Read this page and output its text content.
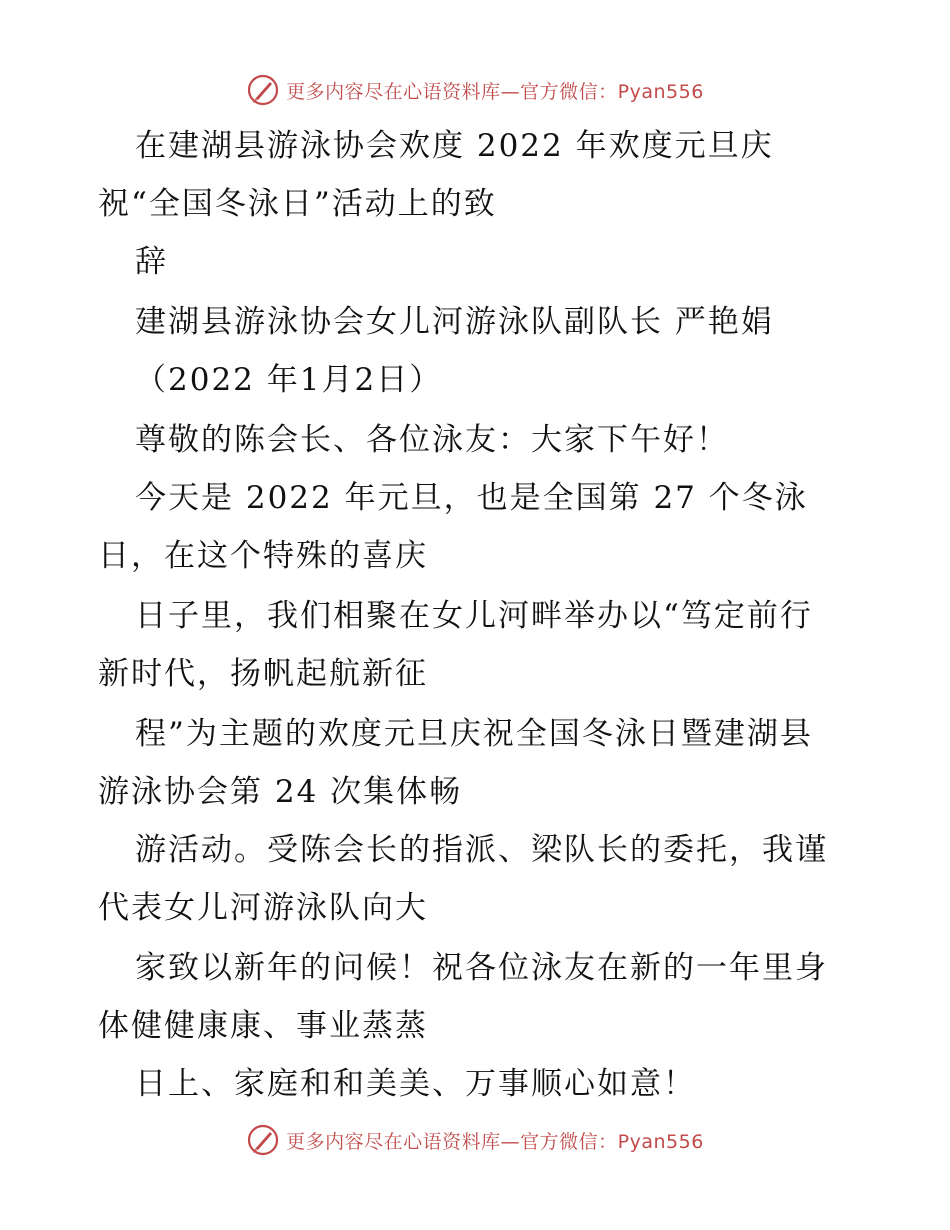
更多内容尽在心语资料库—官方微信：Pyan556
在建湖县游泳协会欢度 2022 年欢度元旦庆
祝“全国冬泳日”活动上的致
辞
建湖县游泳协会女儿河游泳队副队长 严艳娟
（2022 年1月2日）
尊敬的陈会长、各位泳友：大家下午好！
今天是 2022 年元旦，也是全国第 27 个冬泳
日，在这个特殊的喜庆
日子里，我们相聚在女儿河畔举办以“笃定前行
新时代，扬帆起航新征
程”为主题的欢度元旦庆祝全国冬泳日暨建湖县
游泳协会第 24 次集体畅
游活动。受陈会长的指派、梁队长的委托，我谨
代表女儿河游泳队向大
家致以新年的问候！祝各位泳友在新的一年里身
体健健康康、事业蒸蒸
日上、家庭和和美美、万事顺心如意！
更多内容尽在心语资料库—官方微信：Pyan556
